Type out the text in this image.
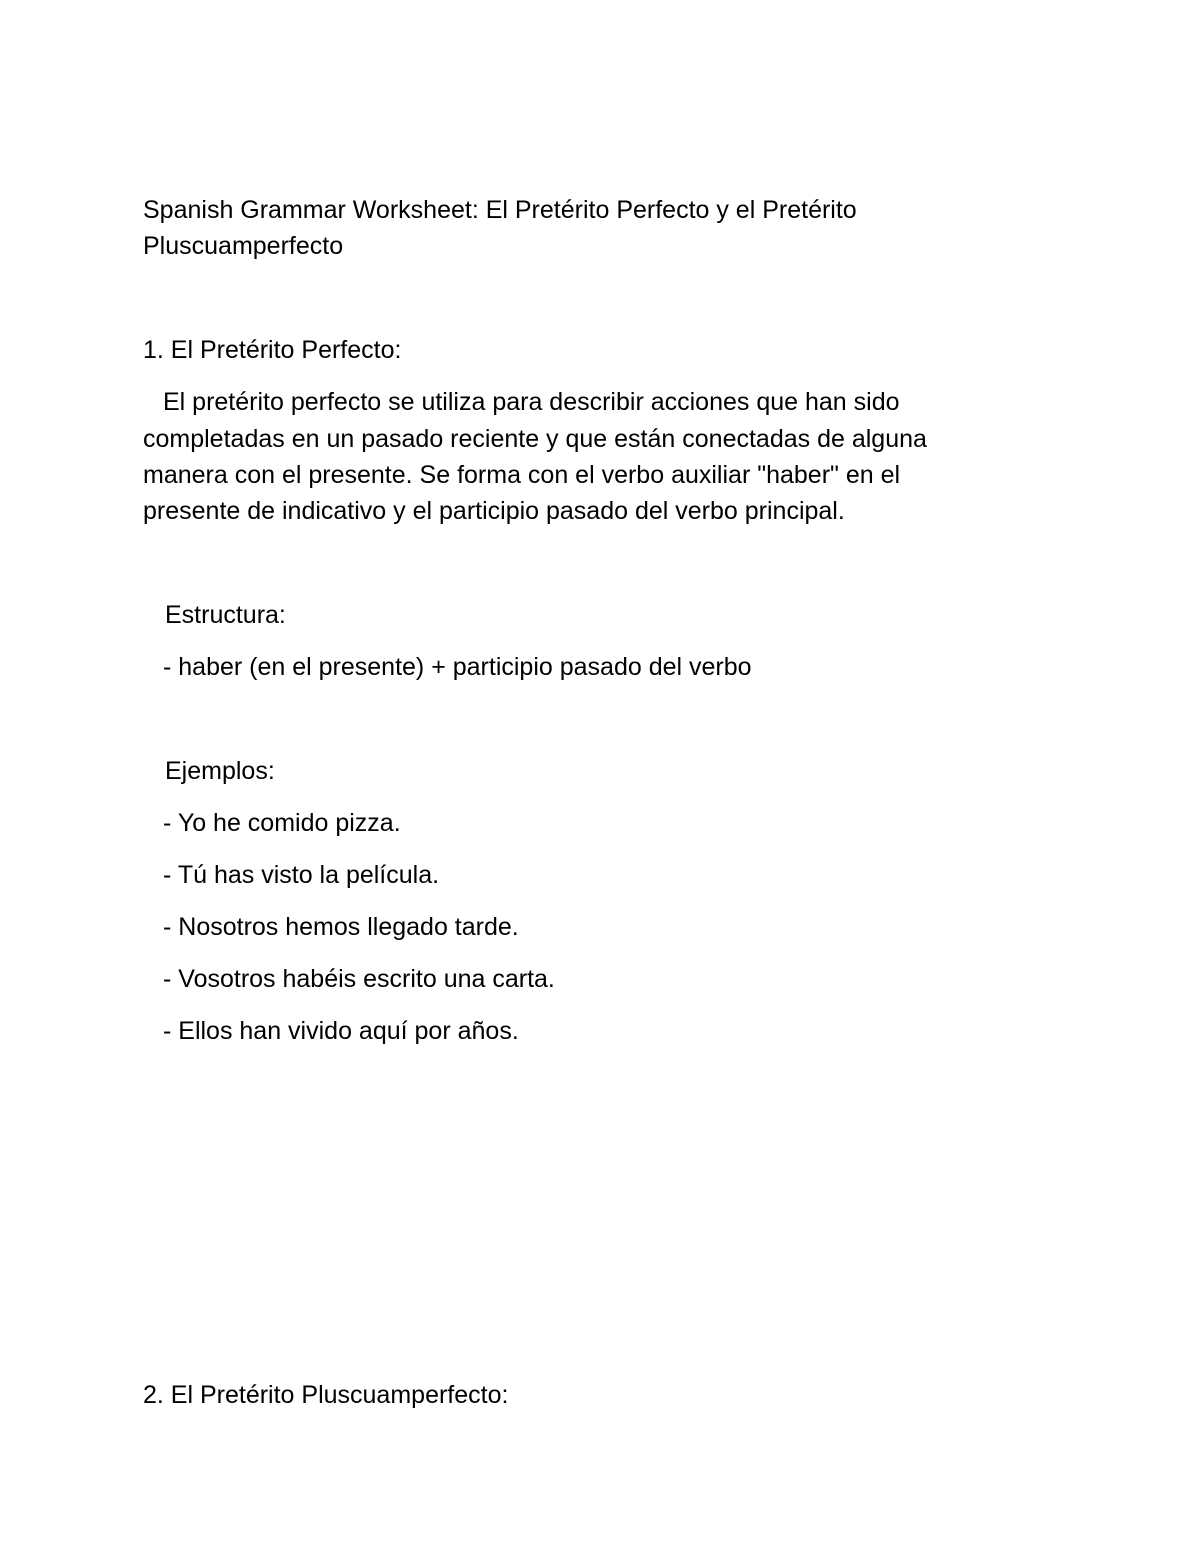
Spanish Grammar Worksheet: El Pretérito Perfecto y el Pretérito

Pluscuamperfecto

1. El Pretérito Perfecto:

El pretérito perfecto se utiliza para describir acciones que han sido

completadas en un pasado reciente y que están conectadas de alguna

manera con el presente. Se forma con el verbo auxiliar "haber" en el

presente de indicativo y el participio pasado del verbo principal.

Estructura:

- haber (en el presente) + participio pasado del verbo

Ejemplos:

- Yo he comido pizza.

- Tú has visto la película.

- Nosotros hemos llegado tarde.

- Vosotros habéis escrito una carta.

- Ellos han vivido aquí por años.

2. El Pretérito Pluscuamperfecto:
